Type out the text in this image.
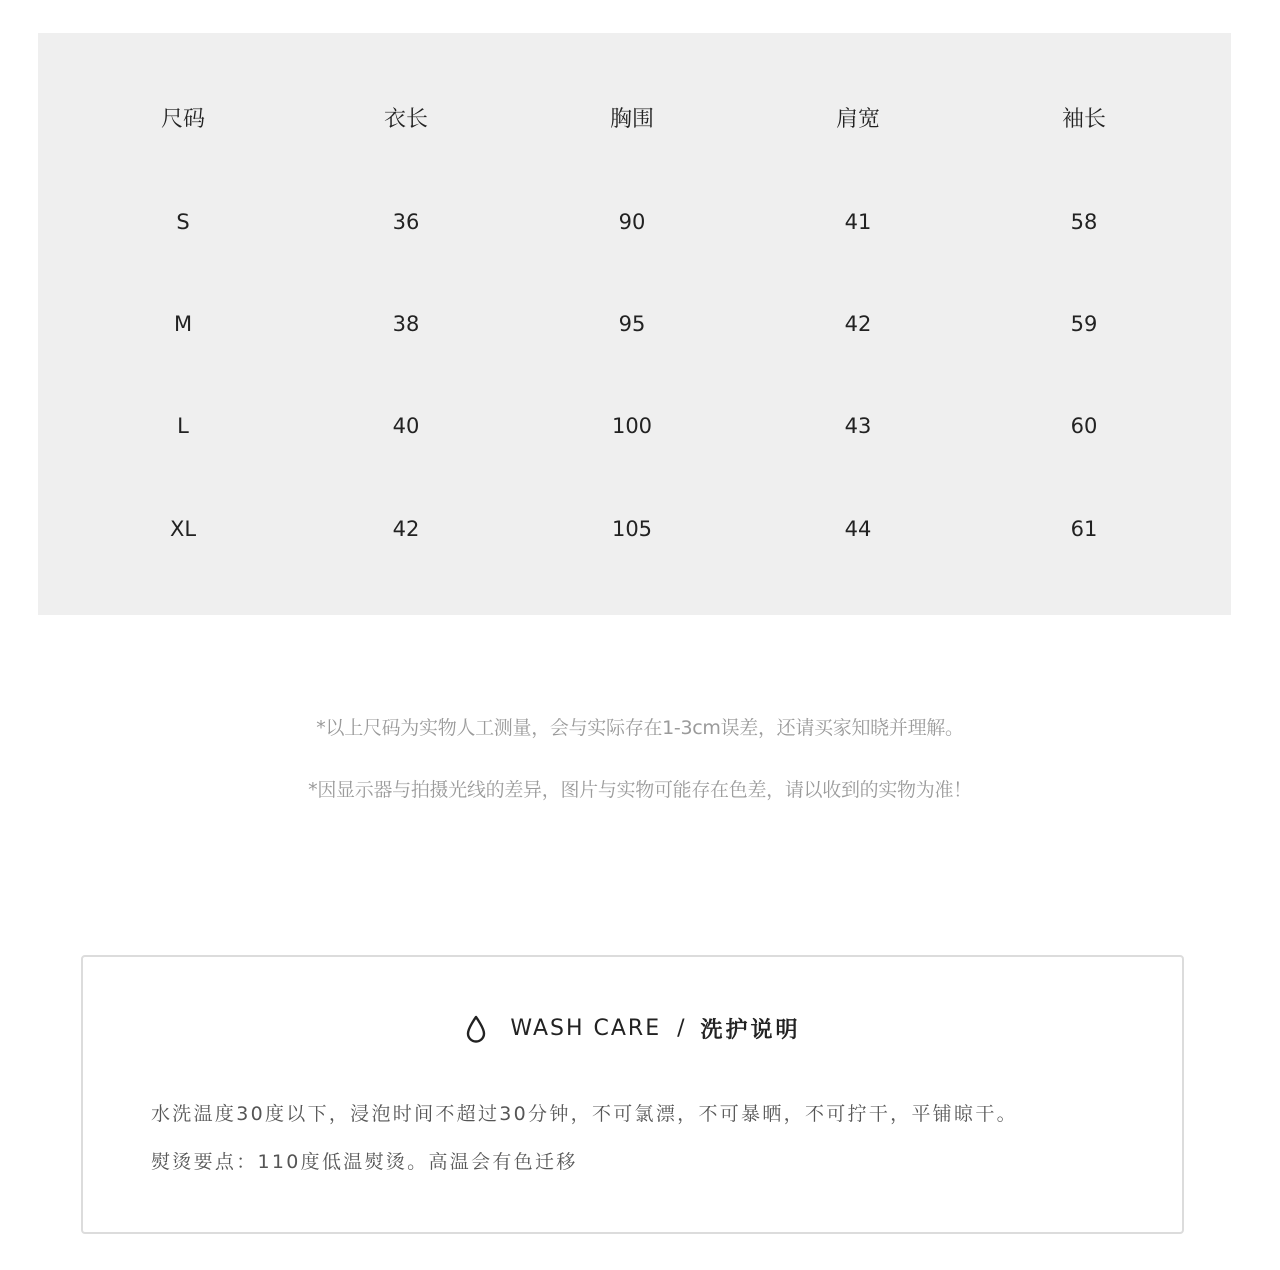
尺码	衣长	胸围	肩宽	袖长
S	36	90	41	58
M	38	95	42	59
L	40	100	43	60
XL	42	105	44	61
*以上尺码为实物人工测量，会与实际存在1-3cm误差，还请买家知晓并理解。
*因显示器与拍摄光线的差异，图片与实物可能存在色差，请以收到的实物为准！
WASH CARE / 洗护说明
水洗温度30度以下，浸泡时间不超过30分钟，不可氯漂，不可暴晒，不可拧干，平铺晾干。
熨烫要点：110度低温熨烫。高温会有色迁移
